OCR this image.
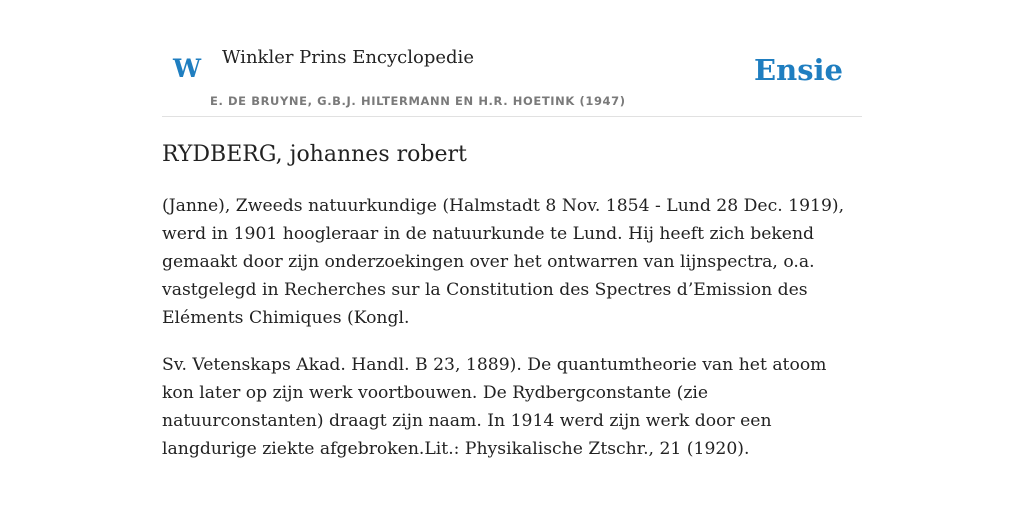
W Winkler Prins Encyclopedie
E. DE BRUYNE, G.B.J. HILTERMANN EN H.R. HOETINK (1947)
Ensie
RYDBERG, johannes robert

(Janne), Zweeds natuurkundige (Halmstadt 8 Nov. 1854 - Lund 28 Dec. 1919), werd in 1901 hoogleraar in de natuurkunde te Lund. Hij heeft zich bekend gemaakt door zijn onderzoekingen over het ontwarren van lijnspectra, o.a. vastgelegd in Recherches sur la Constitution des Spectres d’Emission des Eléments Chimiques (Kongl.

Sv. Vetenskaps Akad. Handl. B 23, 1889). De quantumtheorie van het atoom kon later op zijn werk voortbouwen. De Rydbergconstante (zie natuurconstanten) draagt zijn naam. In 1914 werd zijn werk door een langdurige ziekte afgebroken.Lit.: Physikalische Ztschr., 21 (1920).
